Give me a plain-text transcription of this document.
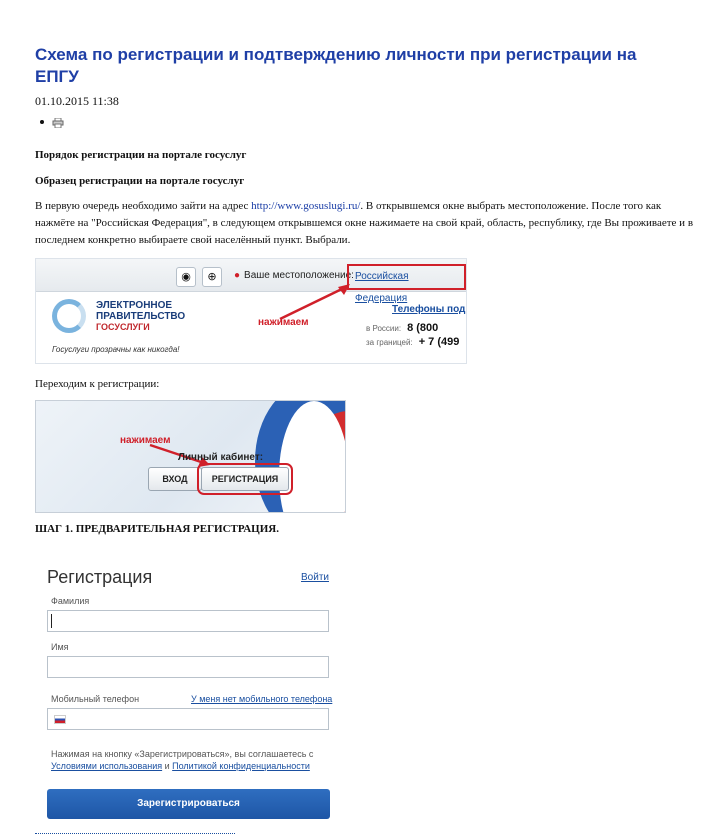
Схема по регистрации и подтверждению личности при регистрации на ЕПГУ
01.10.2015 11:38
Порядок регистрации на портале госуслуг
Образец регистрации на портале госуслуг
В первую очередь необходимо зайти на адрес http://www.gosuslugi.ru/. В открывшемся окне выбрать местоположение. После того как нажмёте на "Российская Федерация", в следующем открывшемся окне нажимаете на свой край, область, республику, где Вы проживаете и в последнем конкретно выбираете свой населённый пункт. Выбрали.
◉	⊕	● Ваше местоположение: Российская Федерация
ЭЛЕКТРОННОЕ
ПРАВИТЕЛЬСТВО
ГОСУСЛУГИ
Госуслуги прозрачны как никогда!
нажимаем
Телефоны под
в России: 8 (800
за границей: + 7 (499
Переходим к регистрации:
нажимаем
Личный кабинет:
ВХОД	РЕГИСТРАЦИЯ
ШАГ 1. ПРЕДВАРИТЕЛЬНАЯ РЕГИСТРАЦИЯ.
Регистрация	Войти
Фамилия
Имя
Мобильный телефон	У меня нет мобильного телефона
Нажимая на кнопку «Зарегистрироваться», вы соглашаетесь с Условиями использования и Политикой конфиденциальности
Зарегистрироваться
